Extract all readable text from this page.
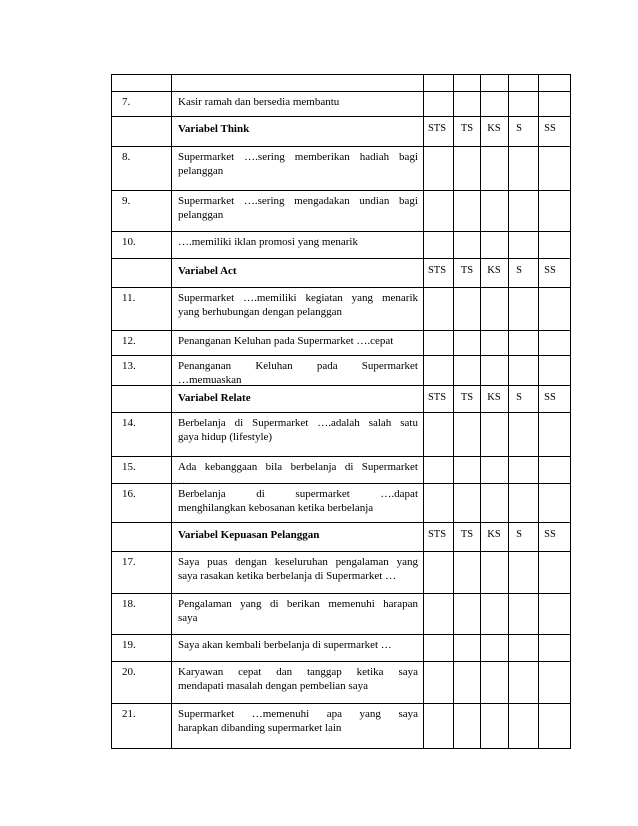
7.	Kasir ramah dan bersedia membantu
Variabel Think	STS	TS	KS	S	SS
8.	Supermarket ….sering memberikan hadiah bagi
pelanggan
9.	Supermarket ….sering mengadakan undian bagi
pelanggan
10.	….memiliki iklan promosi yang menarik
Variabel Act	STS	TS	KS	S	SS
11.	Supermarket ….memiliki kegiatan yang menarik
yang berhubungan dengan pelanggan
12.	Penanganan Keluhan pada Supermarket ….cepat
13.	Penanganan Keluhan pada Supermarket
…memuaskan
Variabel Relate	STS	TS	KS	S	SS
14.	Berbelanja di Supermarket ….adalah salah satu
gaya hidup (lifestyle)
15.	Ada kebanggaan bila berbelanja di Supermarket
…
16.	Berbelanja di supermarket ….dapat
menghilangkan kebosanan ketika berbelanja
Variabel Kepuasan Pelanggan	STS	TS	KS	S	SS
17.	Saya puas dengan keseluruhan pengalaman yang
saya rasakan ketika berbelanja di Supermarket …
18.	Pengalaman yang di berikan memenuhi harapan
saya
19.	Saya akan kembali berbelanja di supermarket …
20.	Karyawan cepat dan tanggap ketika saya
mendapati masalah dengan pembelian saya
21.	Supermarket …memenuhi apa yang saya
harapkan dibanding supermarket lain
